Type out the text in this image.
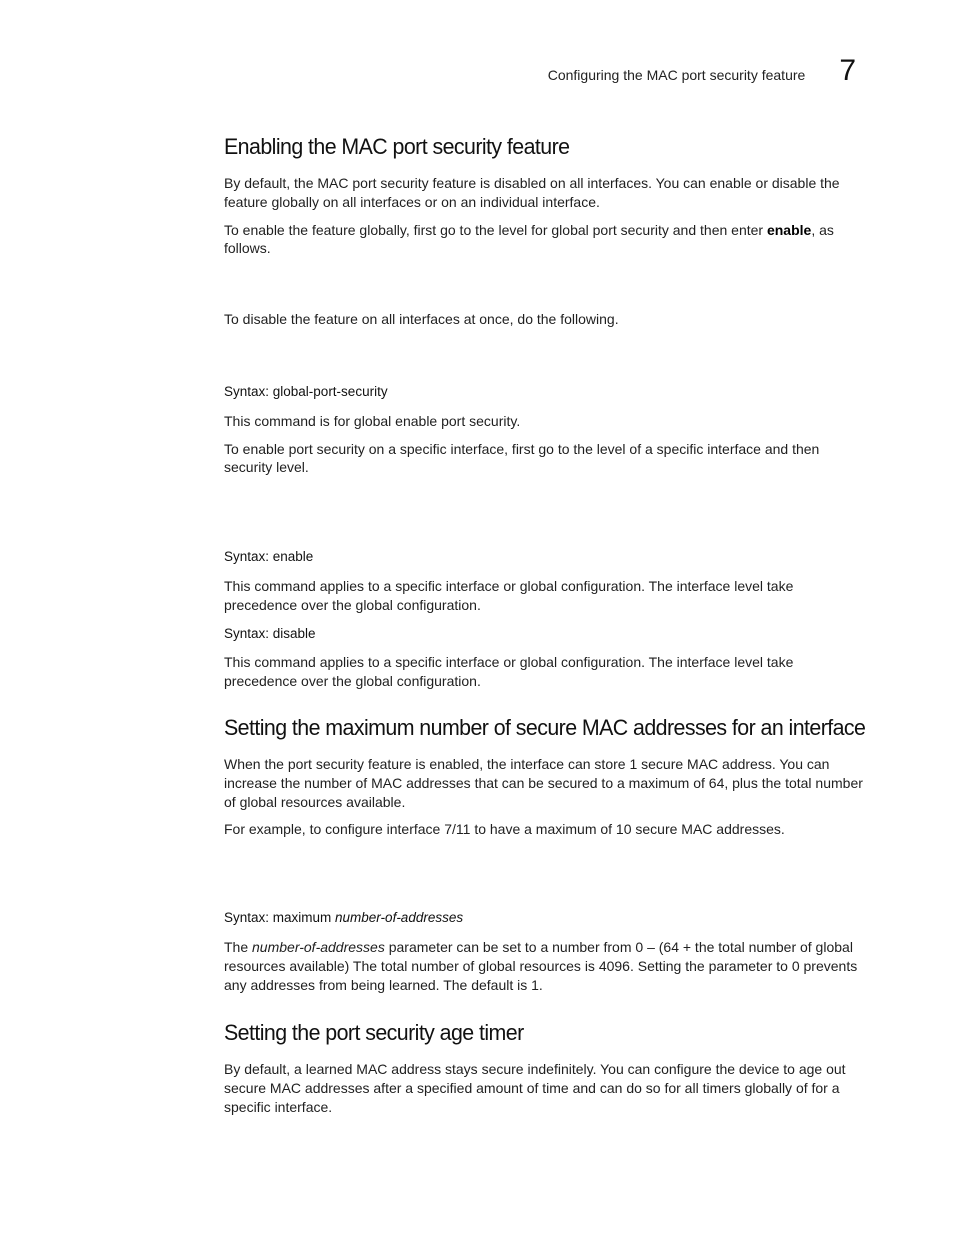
Configuring the MAC port security feature 7
Enabling the MAC port security feature

By default, the MAC port security feature is disabled on all interfaces. You can enable or disable the feature globally on all interfaces or on an individual interface.

To enable the feature globally, first go to the level for global port security and then enter enable, as follows.

To disable the feature on all interfaces at once, do the following.

Syntax: global-port-security

This command is for global enable port security.

To enable port security on a specific interface, first go to the level of a specific interface and then security level.

Syntax: enable

This command applies to a specific interface or global configuration. The interface level take precedence over the global configuration.

Syntax: disable

This command applies to a specific interface or global configuration. The interface level take precedence over the global configuration.

Setting the maximum number of secure MAC addresses for an interface

When the port security feature is enabled, the interface can store 1 secure MAC address. You can increase the number of MAC addresses that can be secured to a maximum of 64, plus the total number of global resources available.

For example, to configure interface 7/11 to have a maximum of 10 secure MAC addresses.

Syntax: maximum number-of-addresses

The number-of-addresses parameter can be set to a number from 0 – (64 + the total number of global resources available) The total number of global resources is 4096. Setting the parameter to 0 prevents any addresses from being learned. The default is 1.

Setting the port security age timer

By default, a learned MAC address stays secure indefinitely. You can configure the device to age out secure MAC addresses after a specified amount of time and can do so for all timers globally of for a specific interface.
